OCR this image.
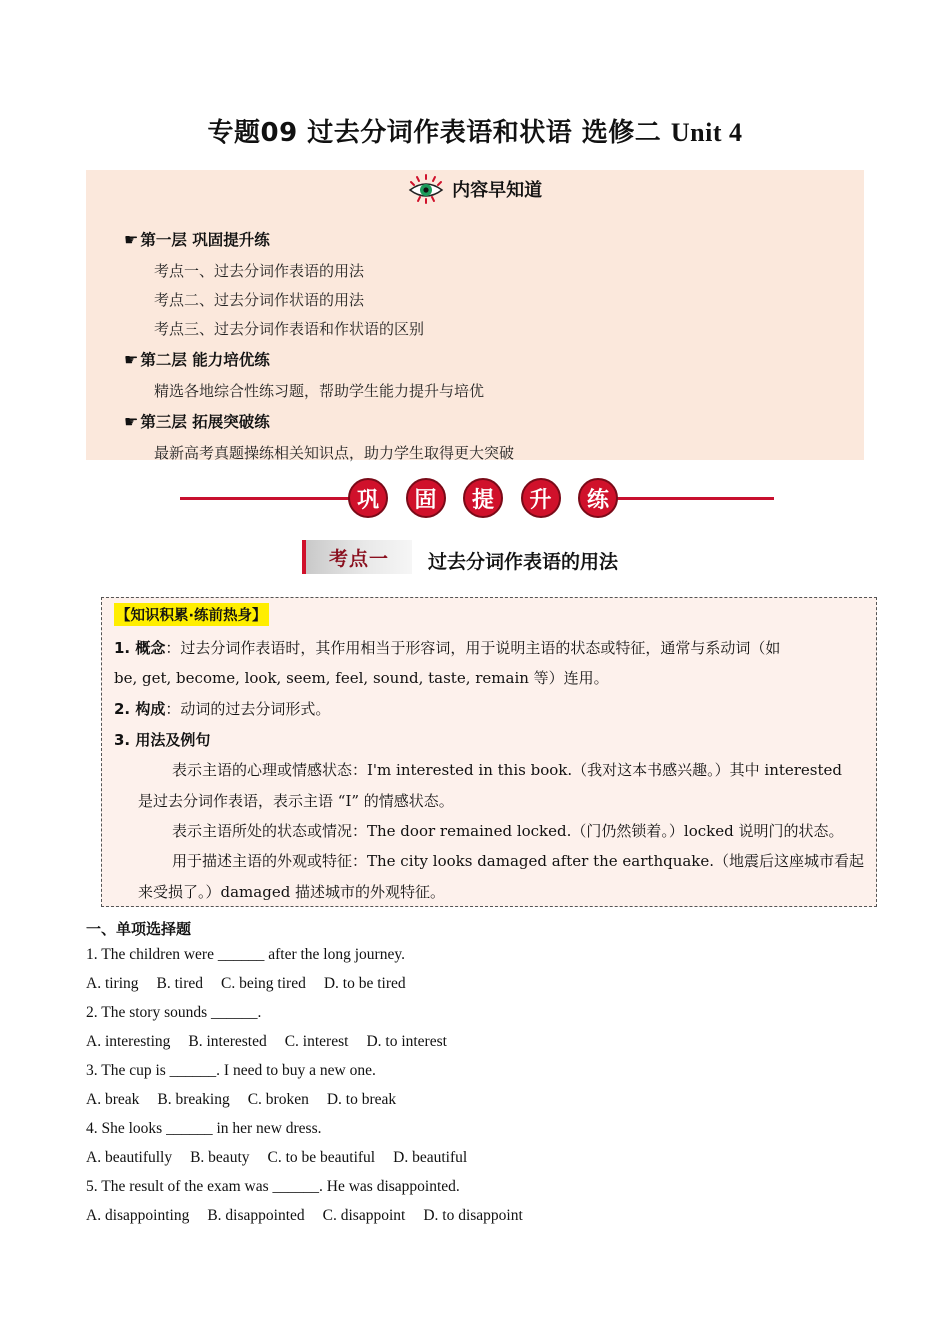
专题09 过去分词作表语和状语 选修二 Unit 4
内容早知道
☛ 第一层 巩固提升练
考点一、过去分词作表语的用法
考点二、过去分词作状语的用法
考点三、过去分词作表语和作状语的区别
☛ 第二层 能力培优练
精选各地综合性练习题，帮助学生能力提升与培优
☛ 第三层 拓展突破练
最新高考真题操练相关知识点，助力学生取得更大突破
巩	固	提	升	练
考点一	过去分词作表语的用法
【知识积累·练前热身】
1. 概念：过去分词作表语时，其作用相当于形容词，用于说明主语的状态或特征，通常与系动词（如
be, get, become, look, seem, feel, sound, taste, remain 等）连用。
2. 构成：动词的过去分词形式。
3. 用法及例句
表示主语的心理或情感状态：I'm interested in this book.（我对这本书感兴趣。）其中 interested
是过去分词作表语，表示主语 “I” 的情感状态。
表示主语所处的状态或情况：The door remained locked.（门仍然锁着。）locked 说明门的状态。
用于描述主语的外观或特征：The city looks damaged after the earthquake.（地震后这座城市看起
来受损了。）damaged 描述城市的外观特征。
一、单项选择题
1. The children were ______ after the long journey.
A. tiring B. tired C. being tired D. to be tired
2. The story sounds ______.
A. interesting B. interested C. interest D. to interest
3. The cup is ______. I need to buy a new one.
A. break B. breaking C. broken D. to break
4. She looks ______ in her new dress.
A. beautifully B. beauty C. to be beautiful D. beautiful
5. The result of the exam was ______. He was disappointed.
A. disappointing B. disappointed C. disappoint D. to disappoint
